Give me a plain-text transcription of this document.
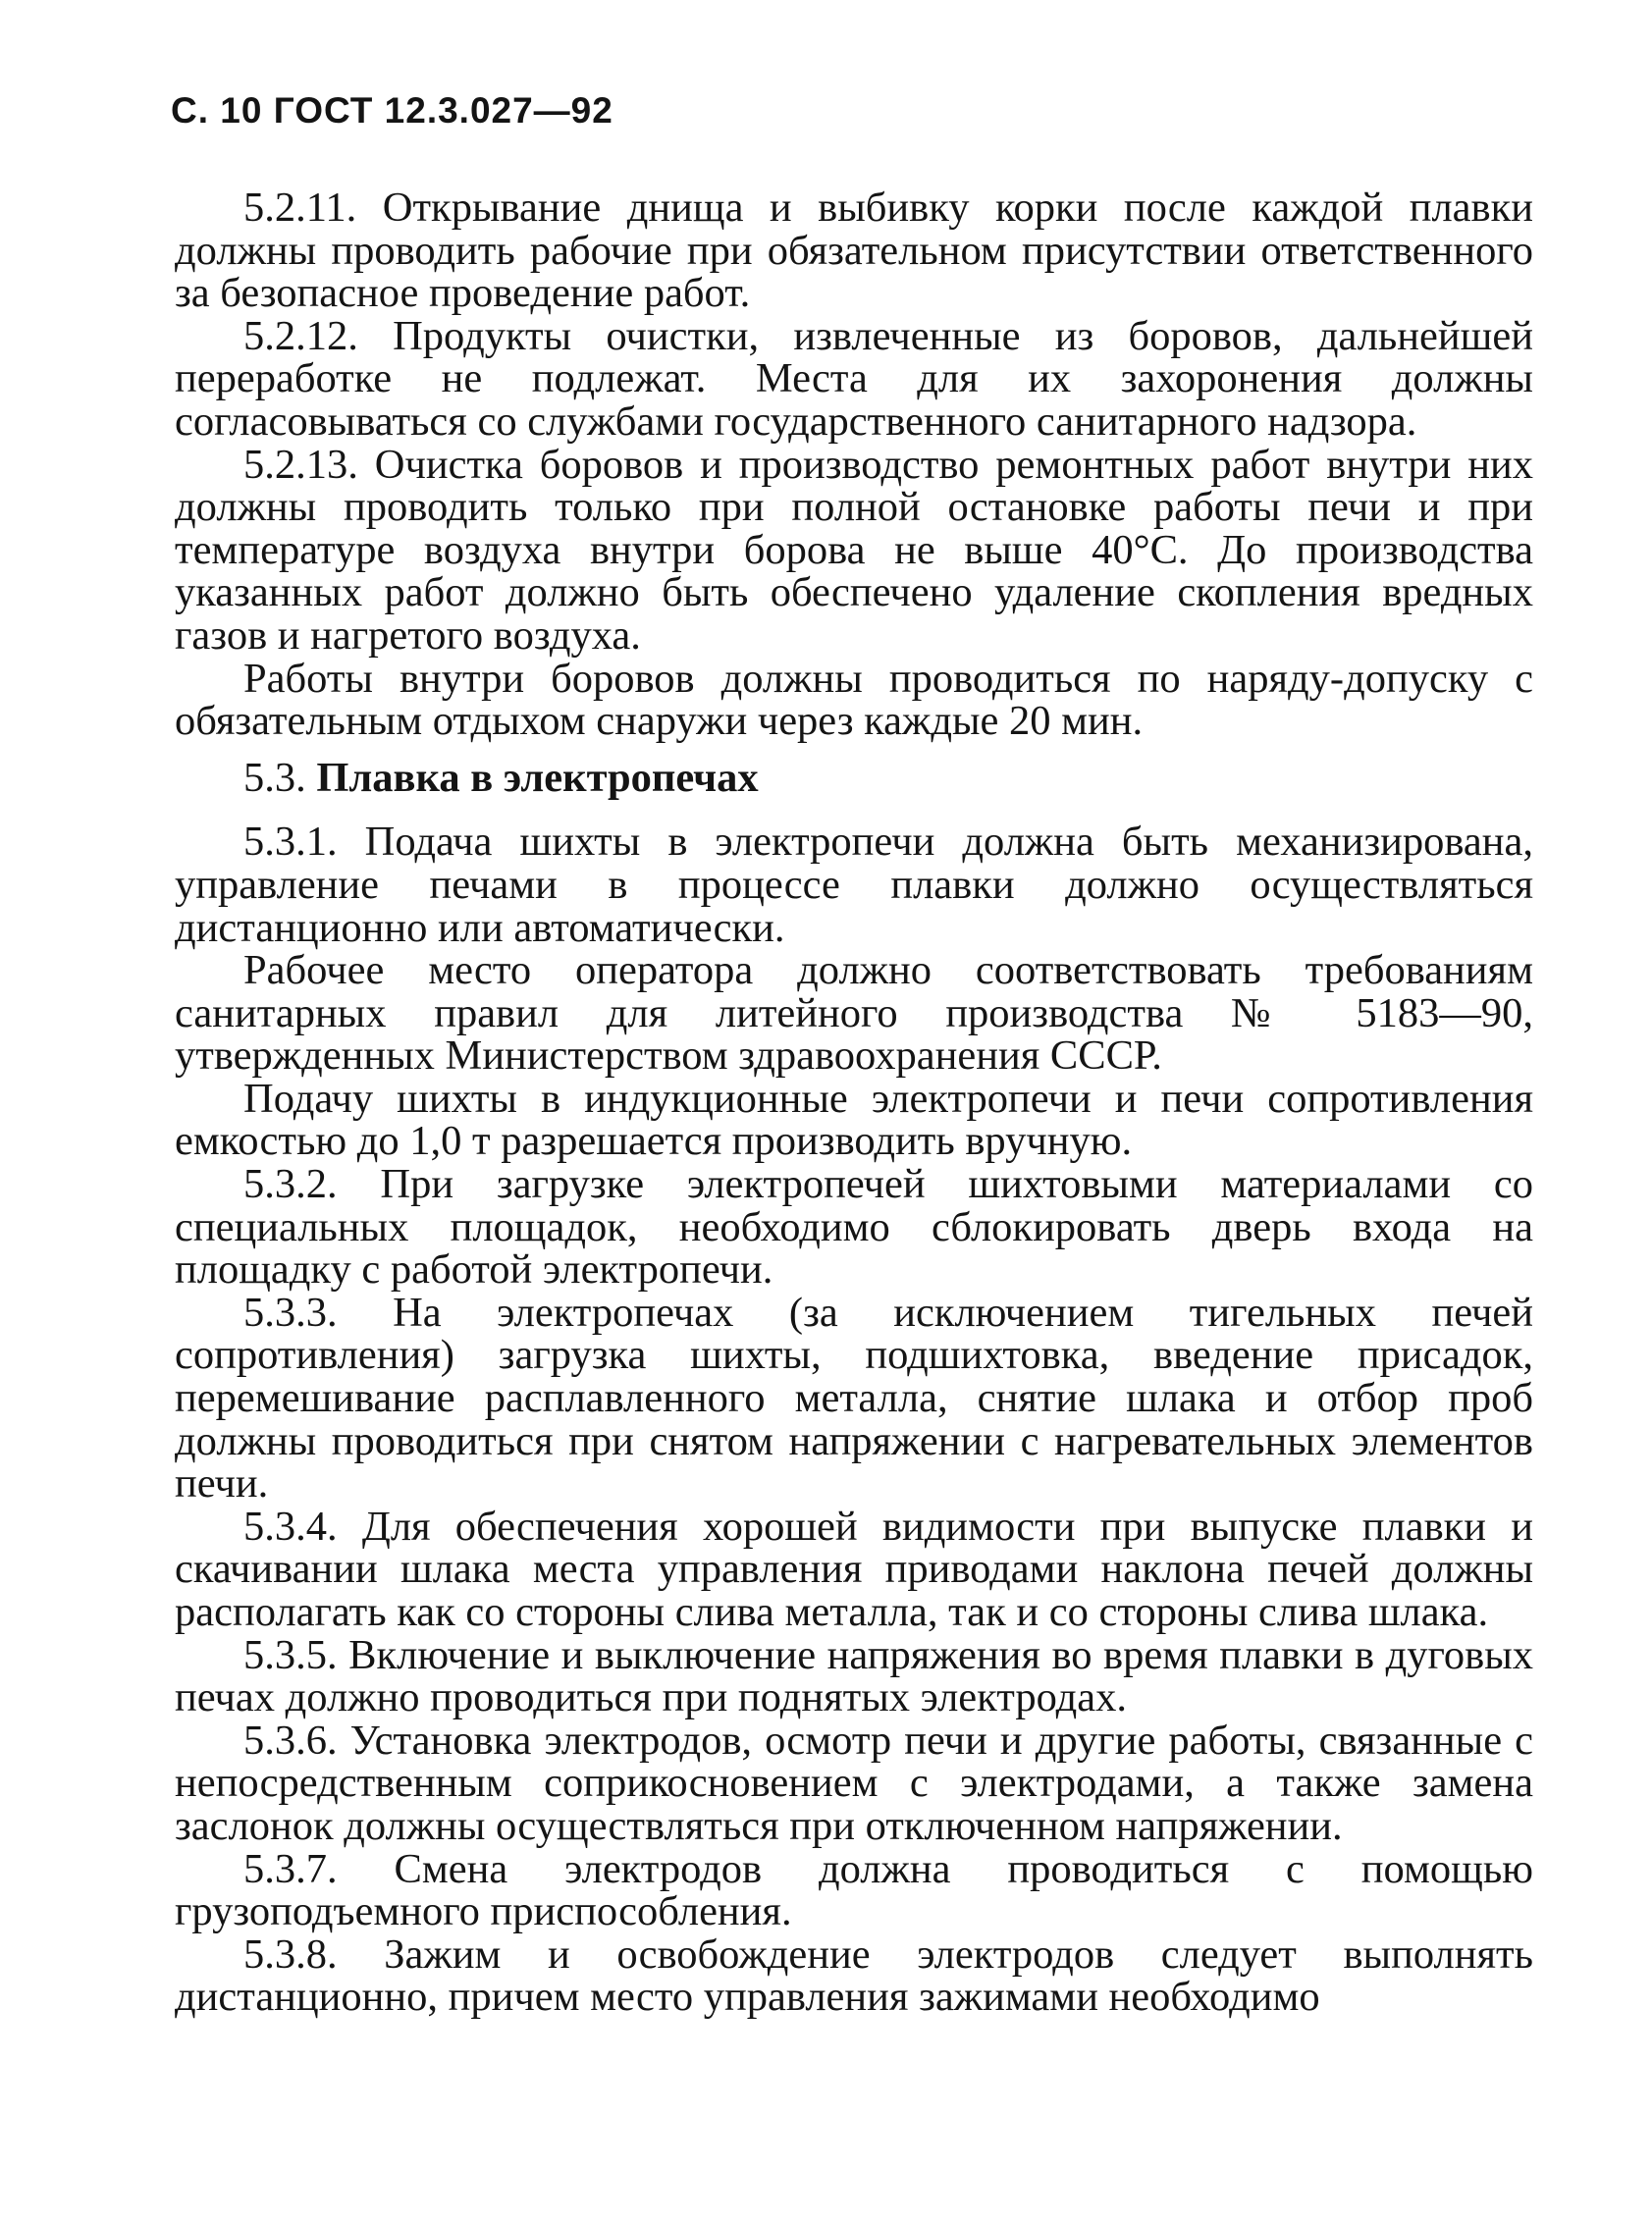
С. 10 ГОСТ 12.3.027—92

5.2.11. Открывание днища и выбивку корки после каждой плавки должны проводить рабочие при обязательном присутствии ответственного за безопасное проведение работ.

5.2.12. Продукты очистки, извлеченные из боровов, дальнейшей переработке не подлежат. Места для их захоронения должны согласовываться со службами государственного санитарного надзора.

5.2.13. Очистка боровов и производство ремонтных работ внутри них должны проводить только при полной остановке работы печи и при температуре воздуха внутри борова не выше 40°С. До производства указанных работ должно быть обеспечено удаление скопления вредных газов и нагретого воздуха.

Работы внутри боровов должны проводиться по наряду-допуску с обязательным отдыхом снаружи через каждые 20 мин.

5.3. Плавка в электропечах

5.3.1. Подача шихты в электропечи должна быть механизирована, управление печами в процессе плавки должно осуществляться дистанционно или автоматически.

Рабочее место оператора должно соответствовать требованиям санитарных правил для литейного производства № 5183—90, утвержденных Министерством здравоохранения СССР.

Подачу шихты в индукционные электропечи и печи сопротивления емкостью до 1,0 т разрешается производить вручную.

5.3.2. При загрузке электропечей шихтовыми материалами со специальных площадок, необходимо сблокировать дверь входа на площадку с работой электропечи.

5.3.3. На электропечах (за исключением тигельных печей сопротивления) загрузка шихты, подшихтовка, введение присадок, перемешивание расплавленного металла, снятие шлака и отбор проб должны проводиться при снятом напряжении с нагревательных элементов печи.

5.3.4. Для обеспечения хорошей видимости при выпуске плавки и скачивании шлака места управления приводами наклона печей должны располагать как со стороны слива металла, так и со стороны слива шлака.

5.3.5. Включение и выключение напряжения во время плавки в дуговых печах должно проводиться при поднятых электродах.

5.3.6. Установка электродов, осмотр печи и другие работы, связанные с непосредственным соприкосновением с электродами, а также замена заслонок должны осуществляться при отключенном напряжении.

5.3.7. Смена электродов должна проводиться с помощью грузоподъемного приспособления.

5.3.8. Зажим и освобождение электродов следует выполнять дистанционно, причем место управления зажимами необходимо
